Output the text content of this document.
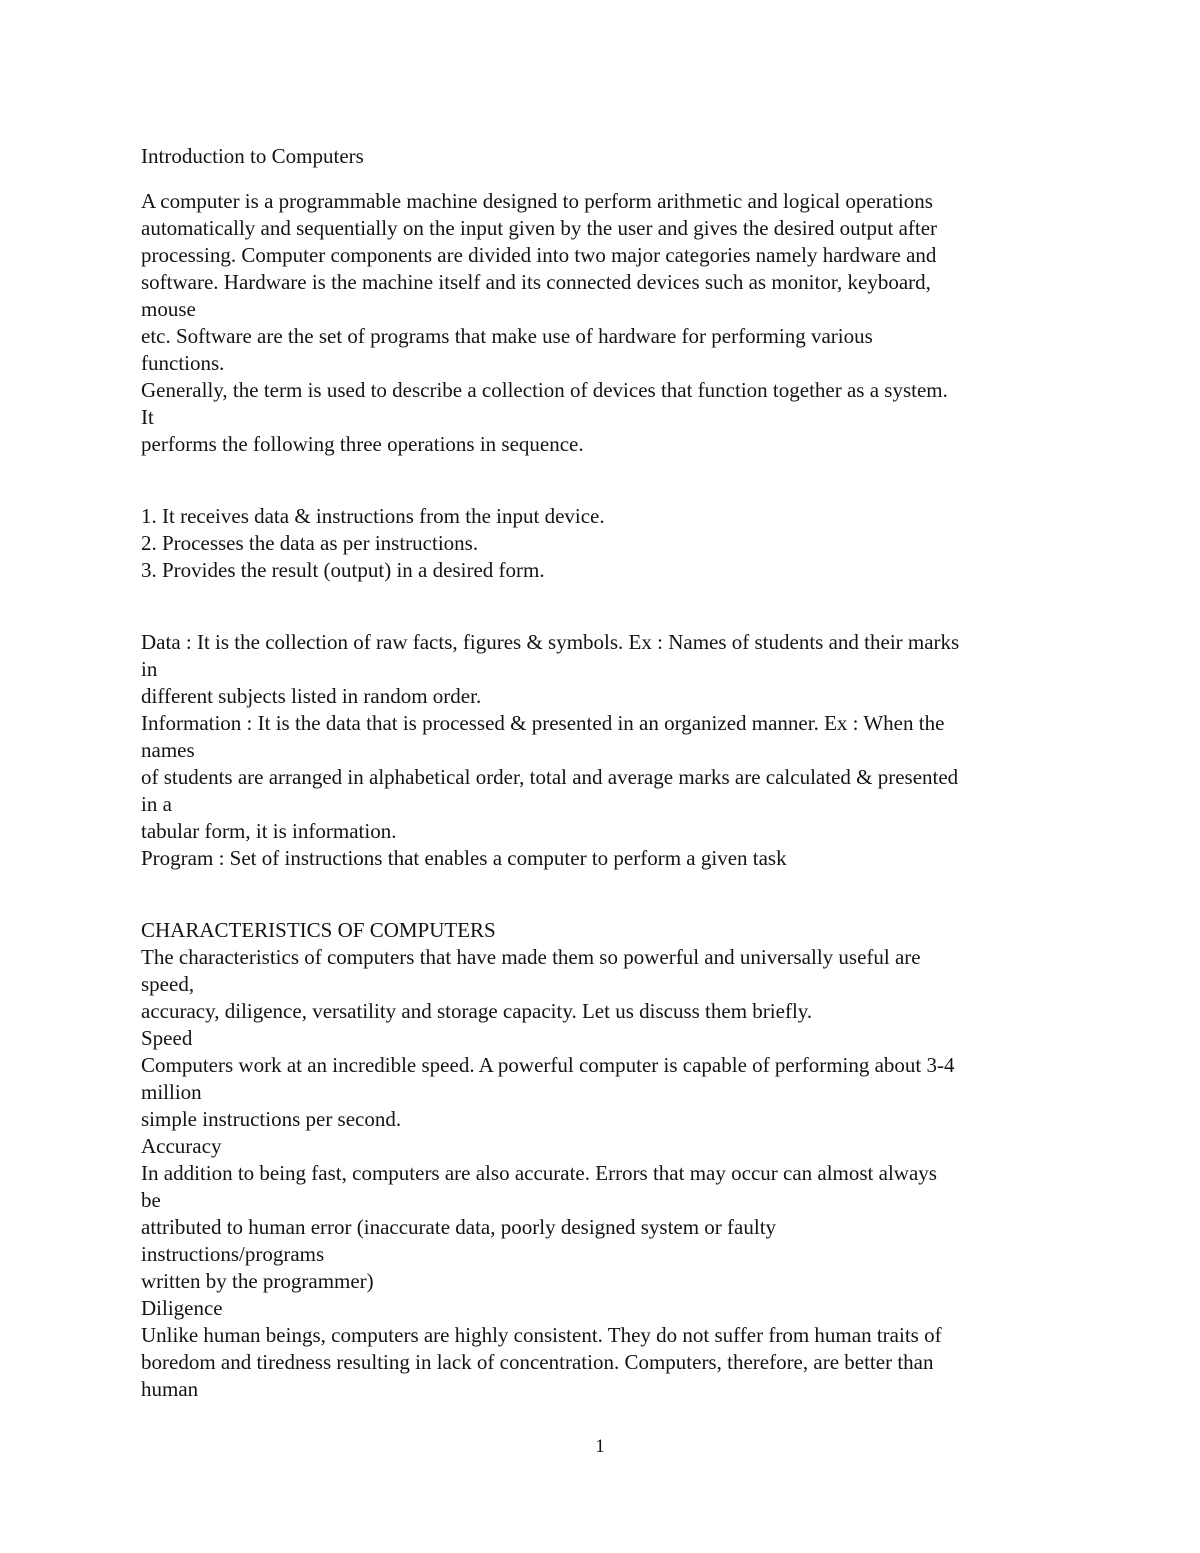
Introduction to Computers
A computer is a programmable machine designed to perform arithmetic and logical operations
automatically and sequentially on the input given by the user and gives the desired output after
processing. Computer components are divided into two major categories namely hardware and
software. Hardware is the machine itself and its connected devices such as monitor, keyboard,
mouse
etc. Software are the set of programs that make use of hardware for performing various
functions.
Generally, the term is used to describe a collection of devices that function together as a system.
It
performs the following three operations in sequence.
1. It receives data & instructions from the input device.
2. Processes the data as per instructions.
3. Provides the result (output) in a desired form.
Data : It is the collection of raw facts, figures & symbols. Ex : Names of students and their marks
in
different subjects listed in random order.
Information : It is the data that is processed & presented in an organized manner. Ex : When the
names
of students are arranged in alphabetical order, total and average marks are calculated & presented
in a
tabular form, it is information.
Program : Set of instructions that enables a computer to perform a given task
CHARACTERISTICS OF COMPUTERS
The characteristics of computers that have made them so powerful and universally useful are
speed,
accuracy, diligence, versatility and storage capacity. Let us discuss them briefly.
Speed
Computers work at an incredible speed. A powerful computer is capable of performing about 3-4
million
simple instructions per second.
Accuracy
In addition to being fast, computers are also accurate. Errors that may occur can almost always
be
attributed to human error (inaccurate data, poorly designed system or faulty
instructions/programs
written by the programmer)
Diligence
Unlike human beings, computers are highly consistent. They do not suffer from human traits of
boredom and tiredness resulting in lack of concentration. Computers, therefore, are better than
human
1
